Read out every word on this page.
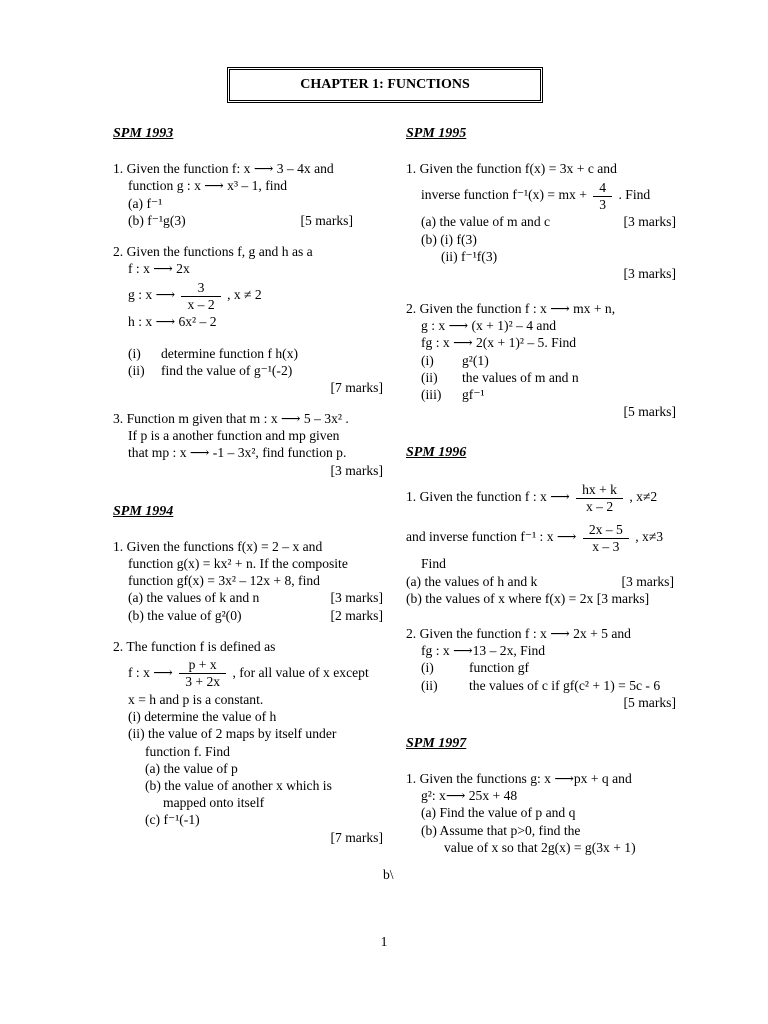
CHAPTER 1: FUNCTIONS
SPM 1993
1. Given the function f: x ⟶ 3 – 4x and
function g : x ⟶ x³ – 1, find
(a) f⁻¹
(b) f⁻¹g(3)	[5 marks]
2. Given the functions f, g and h as a
f : x ⟶ 2x
g : x ⟶ $\frac{3}{x - 2}$ , x ≠ 2
h : x ⟶ 6x² – 2
(i) determine function f h(x)
(ii) find the value of g⁻¹(-2)
[7 marks]
3. Function m given that m : x ⟶ 5 – 3x² .
If p is a another function and mp given
that mp : x ⟶ -1 – 3x², find function p.
[3 marks]
SPM 1994
1. Given the functions f(x) = 2 – x and
function g(x) = kx² + n. If the composite
function gf(x) = 3x² – 12x + 8, find
(a) the values of k and n	[3 marks]
(b) the value of g²(0)	[2 marks]
2. The function f is defined as
f : x ⟶ $\frac{p + x}{3 + 2x}$ , for all value of x except
x = h and p is a constant.
(i) determine the value of h
(ii) the value of 2 maps by itself under
function f. Find
(a) the value of p
(b) the value of another x which is
mapped onto itself
(c) f⁻¹(-1)
[7 marks]
SPM 1995
1. Given the function f(x) = 3x + c and
inverse function f⁻¹(x) = mx + $\frac{4}{3}$ . Find
(a) the value of m and c	[3 marks]
(b) (i) f(3)
(ii) f⁻¹f(3)
[3 marks]
2. Given the function f : x ⟶ mx + n,
g : x ⟶ (x + 1)² – 4 and
fg : x ⟶ 2(x + 1)² – 5. Find
(i) g²(1)
(ii) the values of m and n
(iii) gf⁻¹
[5 marks]
SPM 1996
1. Given the function f : x ⟶ $\frac{hx + k}{x - 2}$ , x≠2
and inverse function f⁻¹ : x ⟶ $\frac{2x - 5}{x - 3}$ , x≠3
Find
(a) the values of h and k	[3 marks]
(b) the values of x where f(x) = 2x [3 marks]
2. Given the function f : x ⟶ 2x + 5 and
fg : x ⟶13 – 2x, Find
(i)	function gf
(ii) the values of c if gf(c² + 1) = 5c - 6
[5 marks]
SPM 1997
1. Given the functions g: x ⟶px + q and
g²: x⟶ 25x + 48
(a) Find the value of p and q
(b) Assume that p>0, find the
value of x so that 2g(x) = g(3x + 1)
b\
1
